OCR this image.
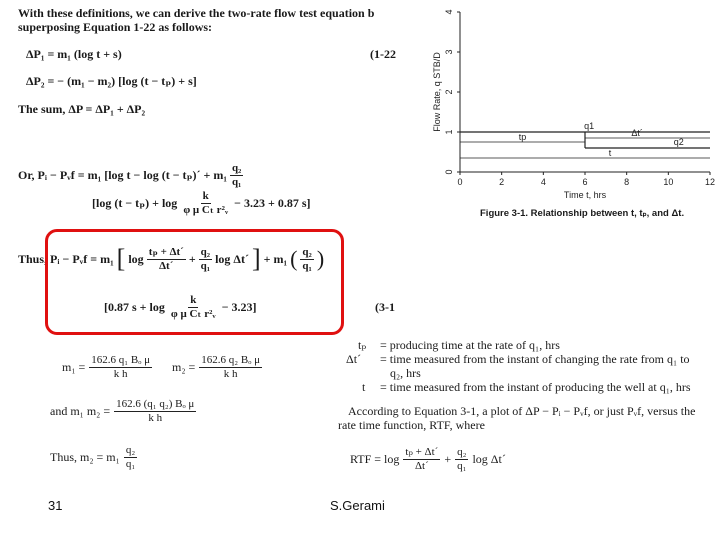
With these definitions, we can derive the two-rate flow test equation b
superposing Equation 1-22 as follows:
ΔP₁ = m₁ (log t + s)	(1-22
ΔP₂ = − (m₁ − m₂) [log (t − tₚ) + s]
The sum, ΔP = ΔP₁ + ΔP₂
Or, Pᵢ − Pᵥf = m₁ [log t − log (t − tₚ)´ + $m_1 \frac{\text{q₂}}{\text{q₁}}$
[log $(t - t_p) + \log \frac{k}{\text{φ μ Cₜ r²ᵥ}} - 3.23 + 0.87$ s]
Thus, Pᵢ − Pᵥf = m₁ [ $\log \frac{\text{tₚ + Δt´}}{\Delta t´} + \frac{\text{q₂}}{\text{q₁}}$ log Δt´ ] + m₁ ( $\frac{\text{q₂}}{\text{q₁}}$ )
[0.87 $s + \log \frac{k}{\text{φ μ Cₜ r²ᵥ}} - 3.23$]	(3-1
$m_1 = \frac{\text{162.6 q₁ Bₒ μ}}{\text{k h}} m_2 = \frac{\text{162.6 q₂ Bₒ μ}}{\text{k h}}$
and m₁ $m_2 = \frac{\text{162.6 (q₁ q₂) Bₒ μ}}{\text{k h}}$
Thus, $m_2 = m_1 \frac{\text{q₂}}{\text{q₁}}$
0	2	4	6	8	10	12
0
1
2
3
4
q1
q2
tp	Δt´
t
Time t, hrs
Flow Rate, q STB/D
Figure 3-1. Relationship between t, tₚ, and Δt.
tₚ = producing time at the rate of q₁, hrs
Δt´ = time measured from the instant of changing the rate from q₁ to
q₂, hrs
t = time measured from the instant of producing the well at q₁, hrs
According to Equation 3-1, a plot of ΔP − Pᵢ − Pᵥf, or just Pᵥf, versus the
rate time function, RTF, where
RTF = $\log \frac{\text{tₚ + Δt´}}{\Delta t´} + \frac{\text{q₂}}{\text{q₁}}$ log Δt´
31	S.Gerami
